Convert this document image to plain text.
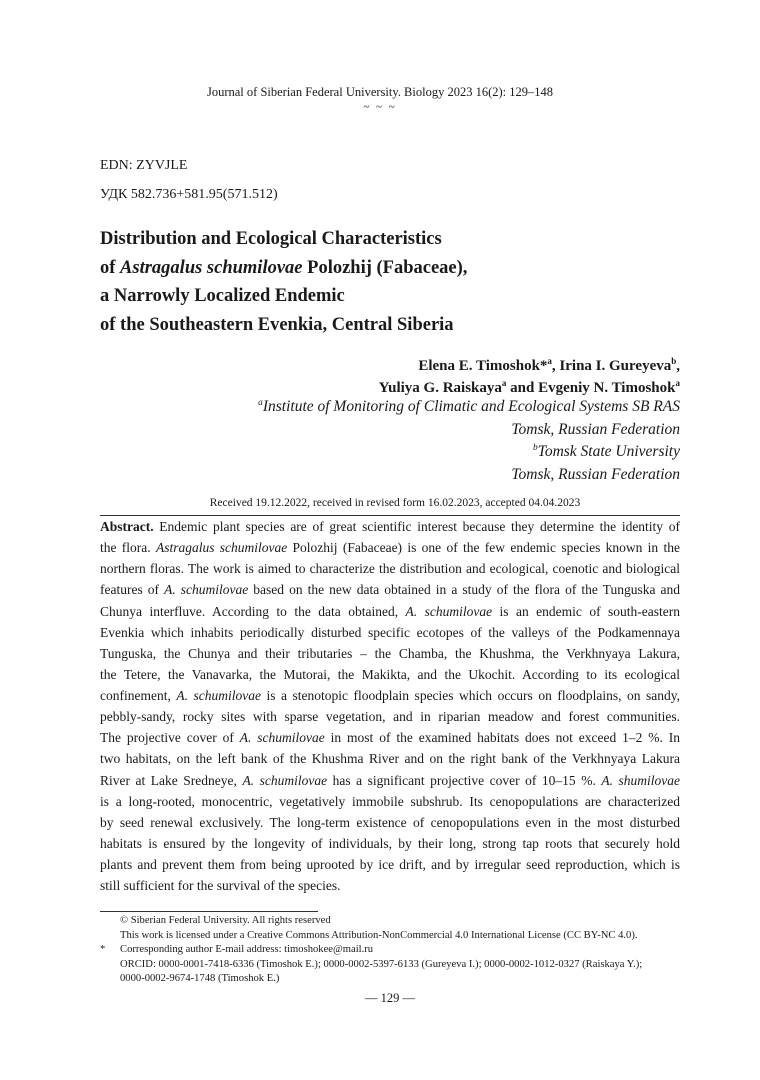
Journal of Siberian Federal University. Biology 2023 16(2): 129–148
~ ~ ~
EDN: ZYVJLE
УДК 582.736+581.95(571.512)
Distribution and Ecological Characteristics
of Astragalus schumilovae Polozhij (Fabaceae),
a Narrowly Localized Endemic
of the Southeastern Evenkia, Central Siberia
Elena E. Timoshok*$^a$, Irina I. Gureyeva$^b$,
Yuliya G. Raiskaya$^a$ and Evgeniy N. Timoshok$^a$
$^a$Institute of Monitoring of Climatic and Ecological Systems SB RAS
Tomsk, Russian Federation
$^b$Tomsk State University
Tomsk, Russian Federation
Received 19.12.2022, received in revised form 16.02.2023, accepted 04.04.2023
Abstract. Endemic plant species are of great scientific interest because they determine the identity of
the flora. Astragalus schumilovae Polozhij (Fabaceae) is one of the few endemic species known in the
northern floras. The work is aimed to characterize the distribution and ecological, coenotic and biological
features of A. schumilovae based on the new data obtained in a study of the flora of the Tunguska and
Chunya interfluve. According to the data obtained, A. schumilovae is an endemic of south-eastern
Evenkia which inhabits periodically disturbed specific ecotopes of the valleys of the Podkamennaya
Tunguska, the Chunya and their tributaries – the Chamba, the Khushma, the Verkhnyaya Lakura,
the Tetere, the Vanavarka, the Mutorai, the Makikta, and the Ukochit. According to its ecological
confinement, A. schumilovae is a stenotopic floodplain species which occurs on floodplains, on sandy,
pebbly-sandy, rocky sites with sparse vegetation, and in riparian meadow and forest communities.
The projective cover of A. schumilovae in most of the examined habitats does not exceed 1–2 %. In
two habitats, on the left bank of the Khushma River and on the right bank of the Verkhnyaya Lakura
River at Lake Sredneye, A. schumilovae has a significant projective cover of 10–15 %. A. shumilovae
is a long-rooted, monocentric, vegetatively immobile subshrub. Its cenopopulations are characterized
by seed renewal exclusively. The long-term existence of cenopopulations even in the most disturbed
habitats is ensured by the longevity of individuals, by their long, strong tap roots that securely hold
plants and prevent them from being uprooted by ice drift, and by irregular seed reproduction, which is
still sufficient for the survival of the species.
© Siberian Federal University. All rights reserved
This work is licensed under a Creative Commons Attribution-NonCommercial 4.0 International License (CC BY-NC 4.0).
* Corresponding author E-mail address: timoshokee@mail.ru
ORCID: 0000-0001-7418-6336 (Timoshok E.); 0000-0002-5397-6133 (Gureyeva I.); 0000-0002-1012-0327 (Raiskaya Y.);
0000-0002-9674-1748 (Timoshok E.)
— 129 —
